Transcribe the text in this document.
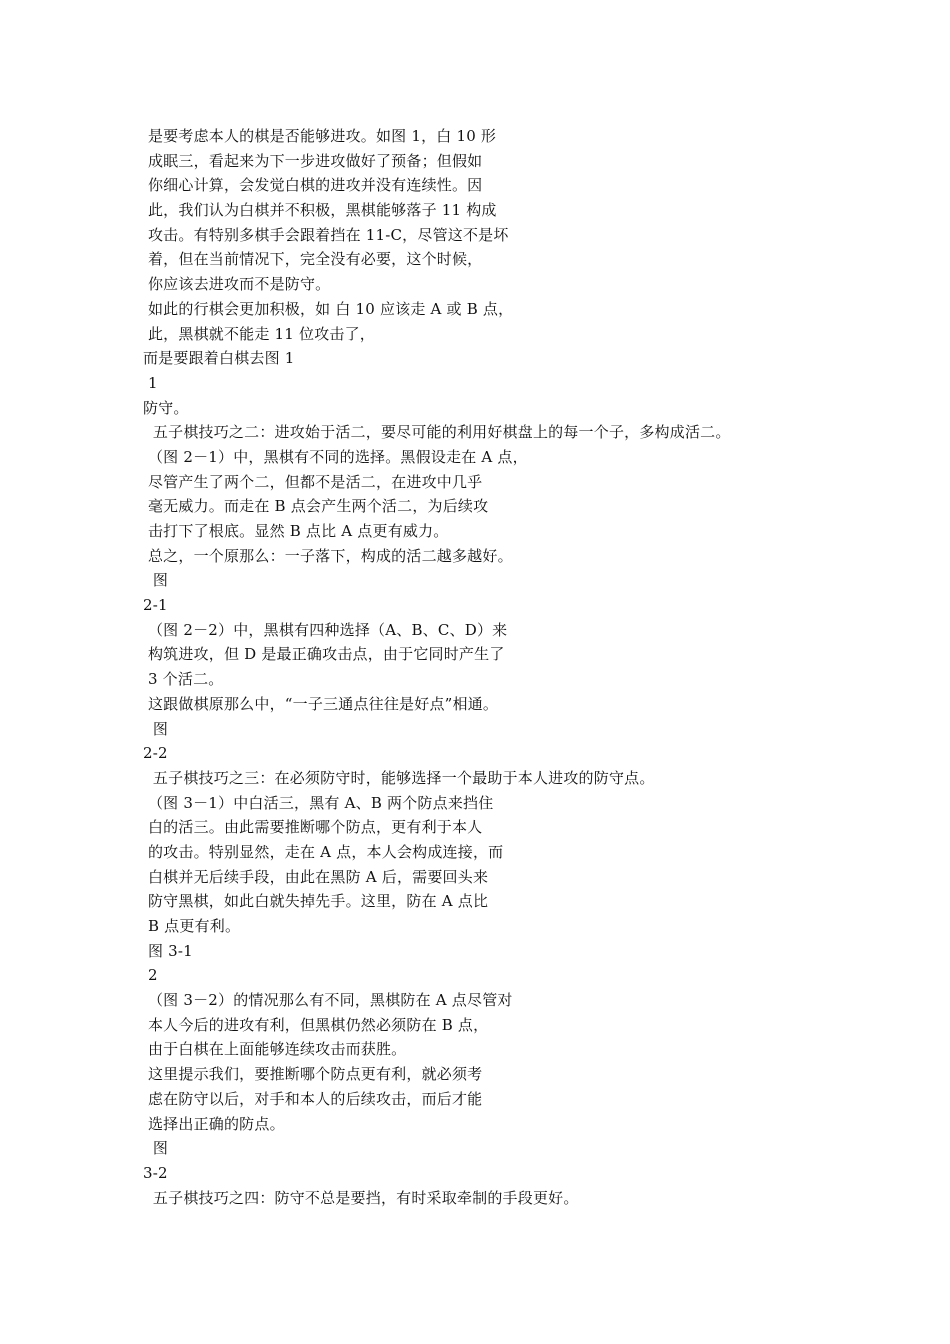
是要考虑本人的棋是否能够进攻。如图 1，白 10 形
成眠三，看起来为下一步进攻做好了预备；但假如
你细心计算，会发觉白棋的进攻并没有连续性。因
此，我们认为白棋并不积极，黑棋能够落子 11 构成
攻击。有特别多棋手会跟着挡在 11-C，尽管这不是坏
着，但在当前情况下，完全没有必要，这个时候，
你应该去进攻而不是防守。
如此的行棋会更加积极，如 白 10 应该走 A 或 B 点，
此，黑棋就不能走 11 位攻击了，
而是要跟着白棋去图 1
1
防守。
五子棋技巧之二：进攻始于活二，要尽可能的利用好棋盘上的每一个子，多构成活二。
（图 2－1）中，黑棋有不同的选择。黑假设走在 A 点，
尽管产生了两个二，但都不是活二，在进攻中几乎
毫无威力。而走在 B 点会产生两个活二，为后续攻
击打下了根底。显然 B 点比 A 点更有威力。
总之，一个原那么：一子落下，构成的活二越多越好。
图
2-1
（图 2－2）中，黑棋有四种选择（A、B、C、D）来
构筑进攻，但 D 是最正确攻击点，由于它同时产生了
3 个活二。
这跟做棋原那么中，“一子三通点往往是好点”相通。
图
2-2
五子棋技巧之三：在必须防守时，能够选择一个最助于本人进攻的防守点。
（图 3－1）中白活三，黑有 A、B 两个防点来挡住
白的活三。由此需要推断哪个防点，更有利于本人
的攻击。特别显然，走在 A 点，本人会构成连接，而
白棋并无后续手段，由此在黑防 A 后，需要回头来
防守黑棋，如此白就失掉先手。这里，防在 A 点比
B 点更有利。
图 3-1
2
（图 3－2）的情况那么有不同，黑棋防在 A 点尽管对
本人今后的进攻有利，但黑棋仍然必须防在 B 点，
由于白棋在上面能够连续攻击而获胜。
这里提示我们，要推断哪个防点更有利，就必须考
虑在防守以后，对手和本人的后续攻击，而后才能
选择出正确的防点。
图
3-2
五子棋技巧之四：防守不总是要挡，有时采取牵制的手段更好。
